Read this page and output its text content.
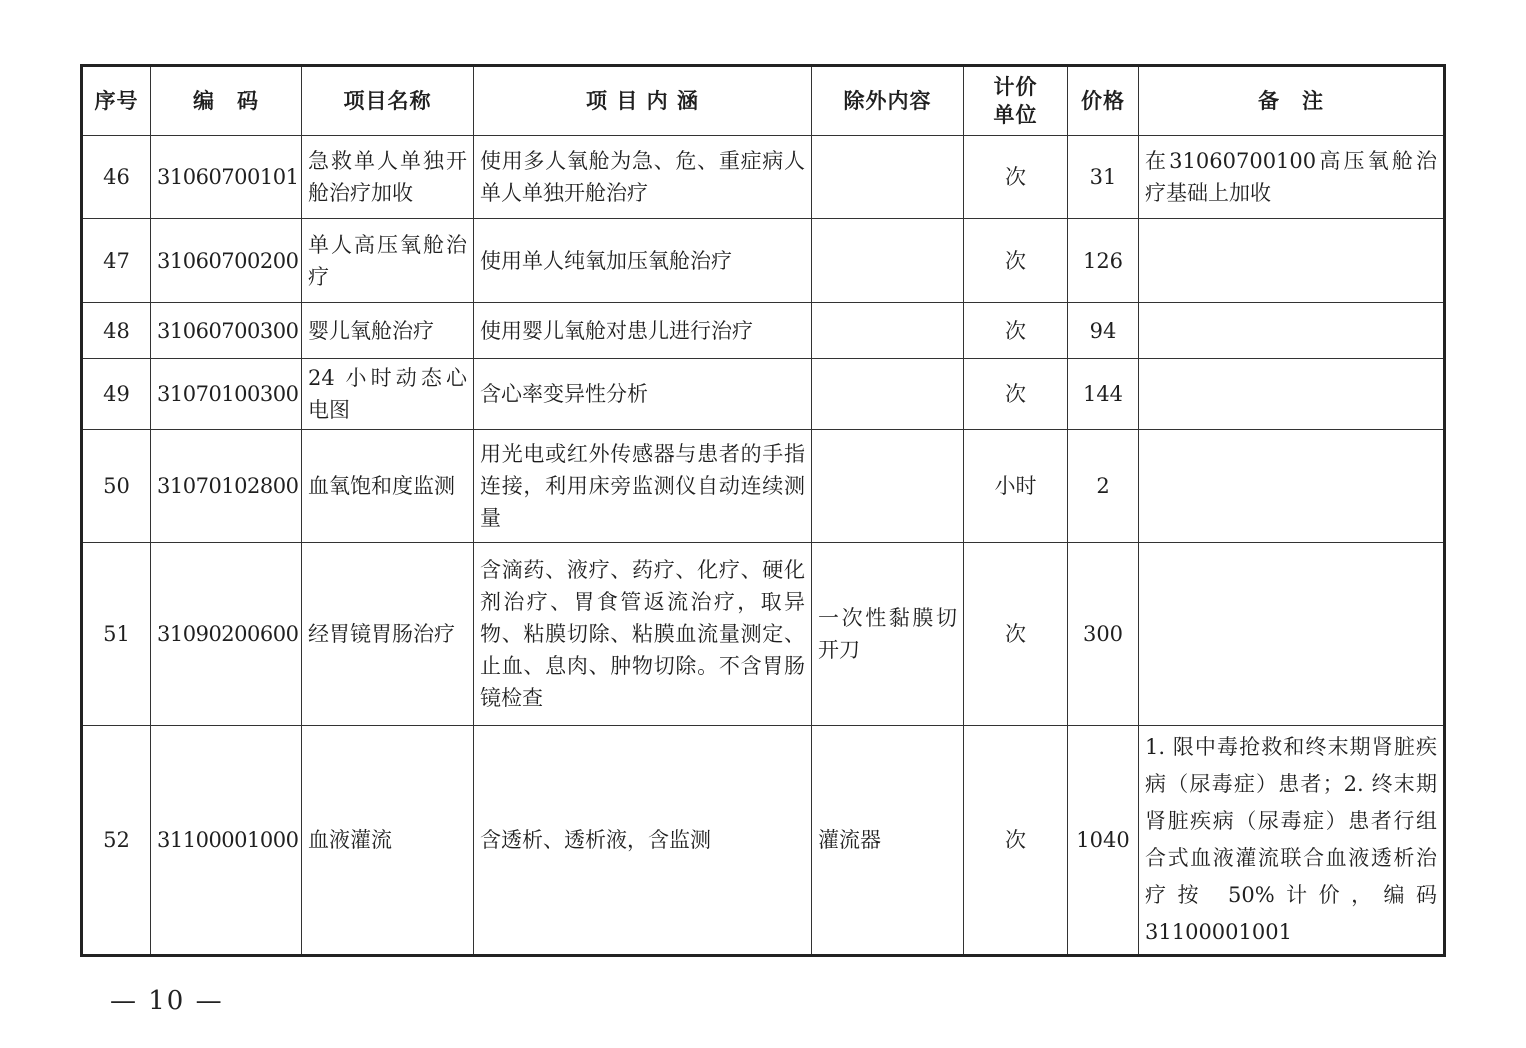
序号	编　码	项目名称	项 目 内 涵	除外内容	计价单位	价格	备　注
46	31060700101	急救单人单独开舱治疗加收	使用多人氧舱为急、危、重症病人单人单独开舱治疗		次	31	在31060700100高压氧舱治疗基础上加收
47	31060700200	单人高压氧舱治疗	使用单人纯氧加压氧舱治疗		次	126	
48	31060700300	婴儿氧舱治疗	使用婴儿氧舱对患儿进行治疗		次	94	
49	31070100300	24 小时动态心电图	含心率变异性分析		次	144	
50	31070102800	血氧饱和度监测	用光电或红外传感器与患者的手指连接，利用床旁监测仪自动连续测量		小时	2	
51	31090200600	经胃镜胃肠治疗	含滴药、液疗、药疗、化疗、硬化剂治疗、胃食管返流治疗，取异物、粘膜切除、粘膜血流量测定、止血、息肉、肿物切除。不含胃肠镜检查	一次性黏膜切开刀	次	300	
52	31100001000	血液灌流	含透析、透析液，含监测	灌流器	次	1040	1. 限中毒抢救和终末期肾脏疾病（尿毒症）患者；2. 终末期肾脏疾病（尿毒症）患者行组合式血液灌流联合血液透析治疗按 50%计价，编码 31100001001
— 10 —
